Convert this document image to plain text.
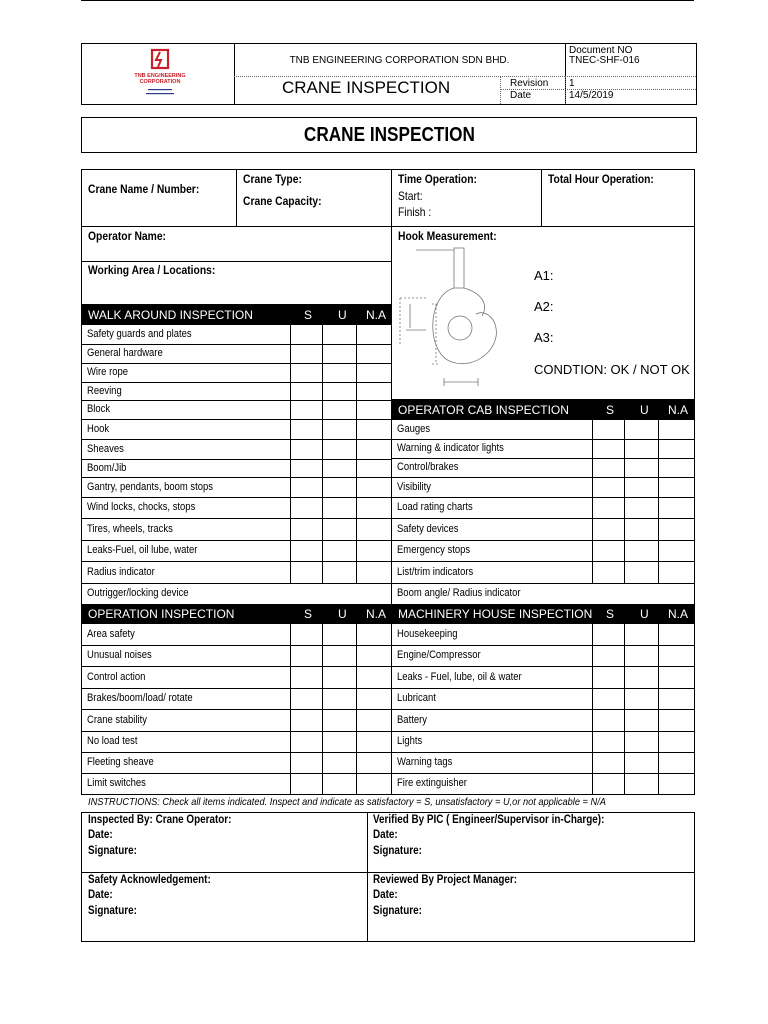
TNB ENGINEERING
CORPORATION
TNB ENGINEERING CORPORATION SDN BHD.
CRANE INSPECTION
Document NO
TNEC-SHF-016
Revision 1
Date	14/5/2019
CRANE INSPECTION
Crane Name / Number:
Crane Type:
Crane Capacity:
Time Operation:
Start:
Finish :
Total Hour Operation:
Operator Name:
Working Area / Locations:
Hook Measurement:
A1:
A2:
A3:
CONDTION: OK / NOT OK
WALK AROUND INSPECTION	S U N.A
Safety guards and plates
General hardware
Wire rope
Reeving
Block
Hook
Sheaves
Boom/Jib
Gantry, pendants, boom stops
Wind locks, chocks, stops
Tires, wheels, tracks
Leaks-Fuel, oil lube, water
Radius indicator
Outrigger/locking device
OPERATION INSPECTION	S U N.A
Area safety
Unusual noises
Control action
Brakes/boom/load/ rotate
Crane stability
No load test
Fleeting sheave
Limit switches
OPERATOR CAB INSPECTION	S U N.A
Gauges
Warning & indicator lights
Control/brakes
Visibility
Load rating charts
Safety devices
Emergency stops
List/trim indicators
Boom angle/ Radius indicator
MACHINERY HOUSE INSPECTION S U N.A
Housekeeping
Engine/Compressor
Leaks - Fuel, lube, oil & water
Lubricant
Battery
Lights
Warning tags
Fire extinguisher
INSTRUCTIONS: Check all items indicated. Inspect and indicate as satisfactory = S, unsatisfactory = U,or not applicable = N/A
Inspected By: Crane Operator:
Date:
Signature:
Verified By PIC ( Engineer/Supervisor in-Charge):
Date:
Signature:
Safety Acknowledgement:
Date:
Signature:
Reviewed By Project Manager:
Date:
Signature:
